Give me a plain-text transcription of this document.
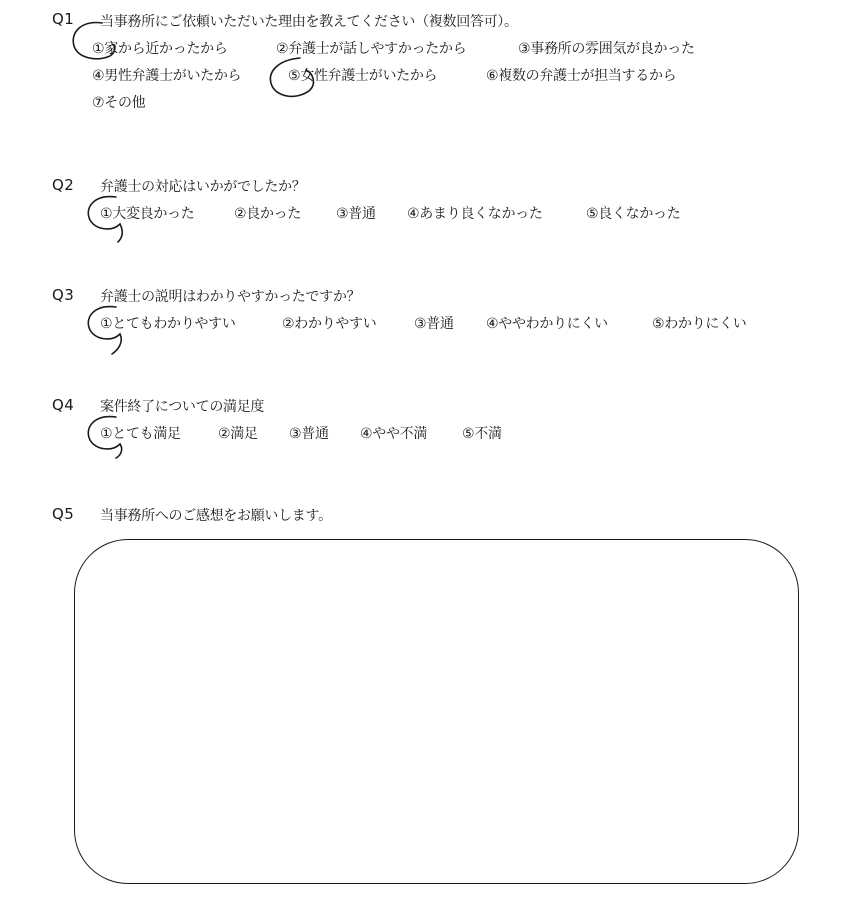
Q1 当事務所にご依頼いただいた理由を教えてください（複数回答可）。
①家から近かったから	②弁護士が話しやすかったから	③事務所の雰囲気が良かった
④男性弁護士がいたから	⑤女性弁護士がいたから	⑥複数の弁護士が担当するから
⑦その他
Q2 弁護士の対応はいかがでしたか？
①大変良かった	②良かった ③普通 ④あまり良くなかった	⑤良くなかった
Q3 弁護士の説明はわかりやすかったですか？
①とてもわかりやすい	②わかりやすい	③普通 ④ややわかりにくい	⑤わかりにくい
Q4 案件終了についての満足度
①とても満足	②満足 ③普通 ④やや不満 ⑤不満
Q5 当事務所へのご感想をお願いします。
